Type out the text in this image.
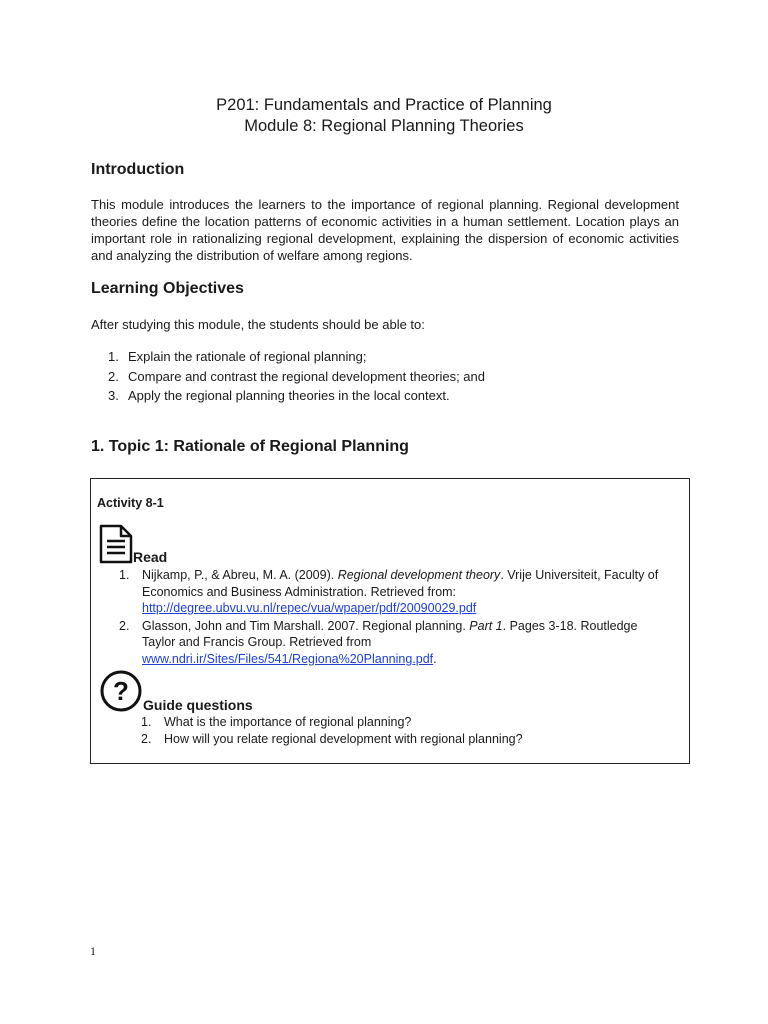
P201: Fundamentals and Practice of Planning
Module 8: Regional Planning Theories
Introduction
This module introduces the learners to the importance of regional planning. Regional development theories define the location patterns of economic activities in a human settlement. Location plays an important role in rationalizing regional development, explaining the dispersion of economic activities and analyzing the distribution of welfare among regions.
Learning Objectives
After studying this module, the students should be able to:
1. Explain the rationale of regional planning;
2. Compare and contrast the regional development theories; and
3. Apply the regional planning theories in the local context.
1. Topic 1: Rationale of Regional Planning
Activity 8-1
Read
1.	Nijkamp, P., & Abreu, M. A. (2009). Regional development theory. Vrije Universiteit, Faculty of Economics and Business Administration. Retrieved from:
http://degree.ubvu.vu.nl/repec/vua/wpaper/pdf/20090029.pdf
2.	Glasson, John and Tim Marshall. 2007. Regional planning. Part 1. Pages 3-18. Routledge Taylor and Francis Group. Retrieved from
www.ndri.ir/Sites/Files/541/Regiona%20Planning.pdf.
? Guide questions
1.	What is the importance of regional planning?
2.	How will you relate regional development with regional planning?
1
